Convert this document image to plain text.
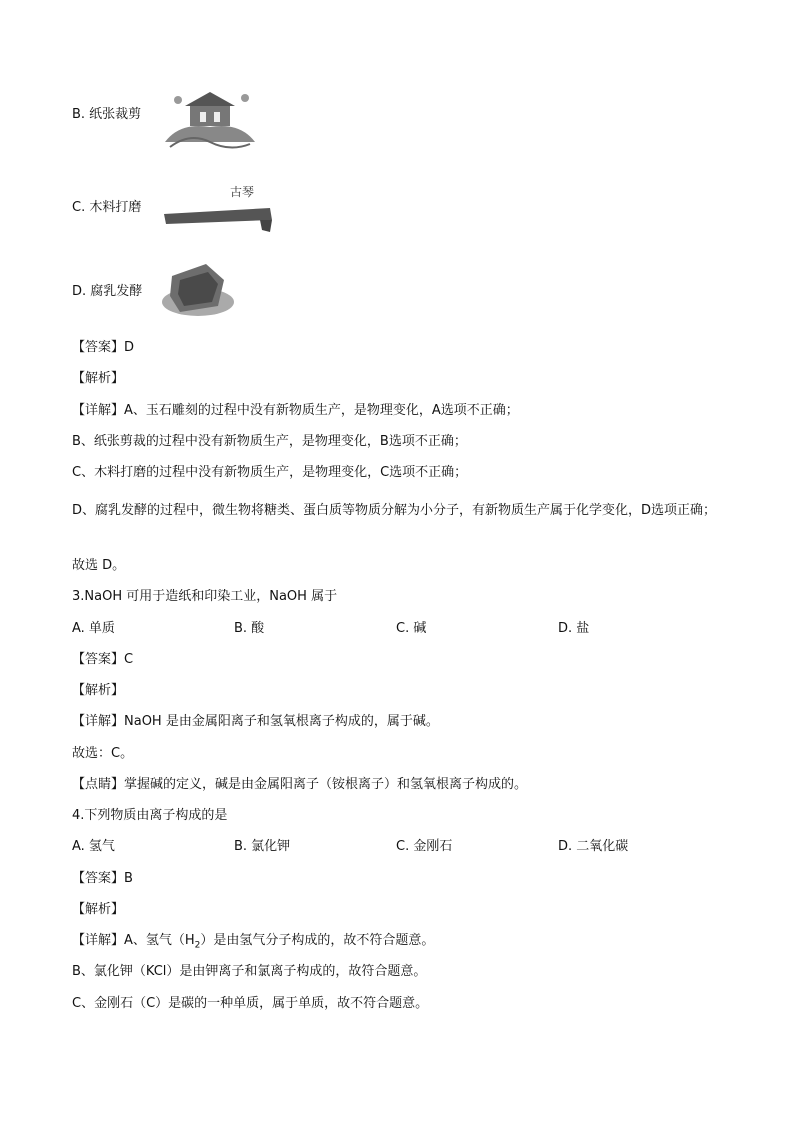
B. 纸张裁剪
C. 木料打磨
古琴
D. 腐乳发酵
【答案】D
【解析】
【详解】A、玉石雕刻的过程中没有新物质生产，是物理变化，A选项不正确；
B、纸张剪裁的过程中没有新物质生产，是物理变化，B选项不正确；
C、木料打磨的过程中没有新物质生产，是物理变化，C选项不正确；
D、腐乳发酵的过程中，微生物将糖类、蛋白质等物质分解为小分子，有新物质生产属于化学变化，D选项正确；
故选 D。
3.NaOH 可用于造纸和印染工业，NaOH 属于
A. 单质	B. 酸	C. 碱	D. 盐
【答案】C
【解析】
【详解】NaOH 是由金属阳离子和氢氧根离子构成的，属于碱。
故选：C。
【点睛】掌握碱的定义，碱是由金属阳离子（铵根离子）和氢氧根离子构成的。
4.下列物质由离子构成的是
A. 氢气	B. 氯化钾	C. 金刚石	D. 二氧化碳
【答案】B
【解析】
【详解】A、氢气$(H_2)$是由氢气分子构成的，故不符合题意。
B、氯化钾（KCl）是由钾离子和氯离子构成的，故符合题意。
C、金刚石（C）是碳的一种单质，属于单质，故不符合题意。
